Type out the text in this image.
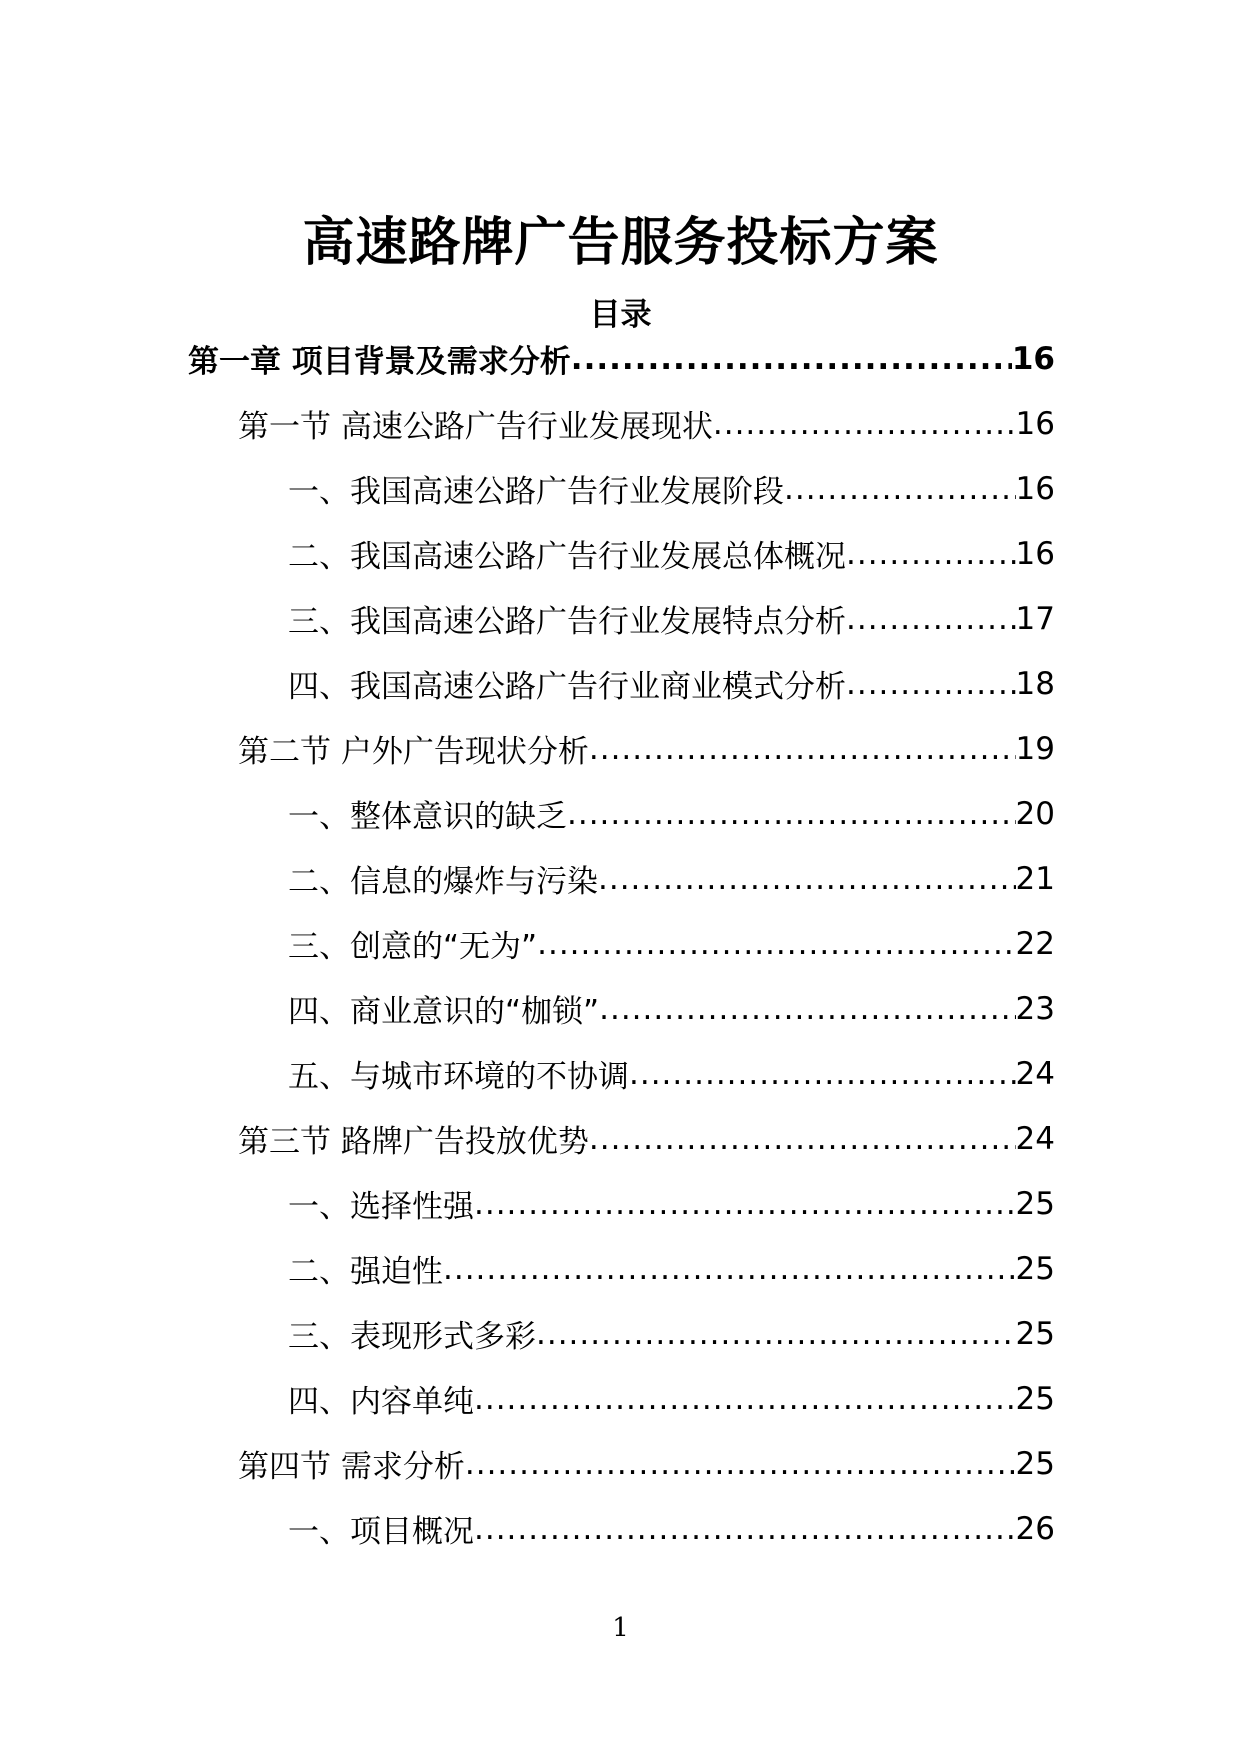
高速路牌广告服务投标方案
目录
第一章 项目背景及需求分析 .....	16
第一节 高速公路广告行业发展现状 .....	16
一、我国高速公路广告行业发展阶段 .....	16
二、我国高速公路广告行业发展总体概况 .....	16
三、我国高速公路广告行业发展特点分析 .....	17
四、我国高速公路广告行业商业模式分析 .....	18
第二节 户外广告现状分析 .....	19
一、整体意识的缺乏 .....	20
二、信息的爆炸与污染 .....	21
三、创意的“无为” .....	22
四、商业意识的“枷锁” .....	23
五、与城市环境的不协调 .....	24
第三节 路牌广告投放优势 .....	24
一、选择性强 .....	25
二、强迫性 .....	25
三、表现形式多彩 .....	25
四、内容单纯 .....	25
第四节 需求分析 .....	25
一、项目概况 .....	26
1
